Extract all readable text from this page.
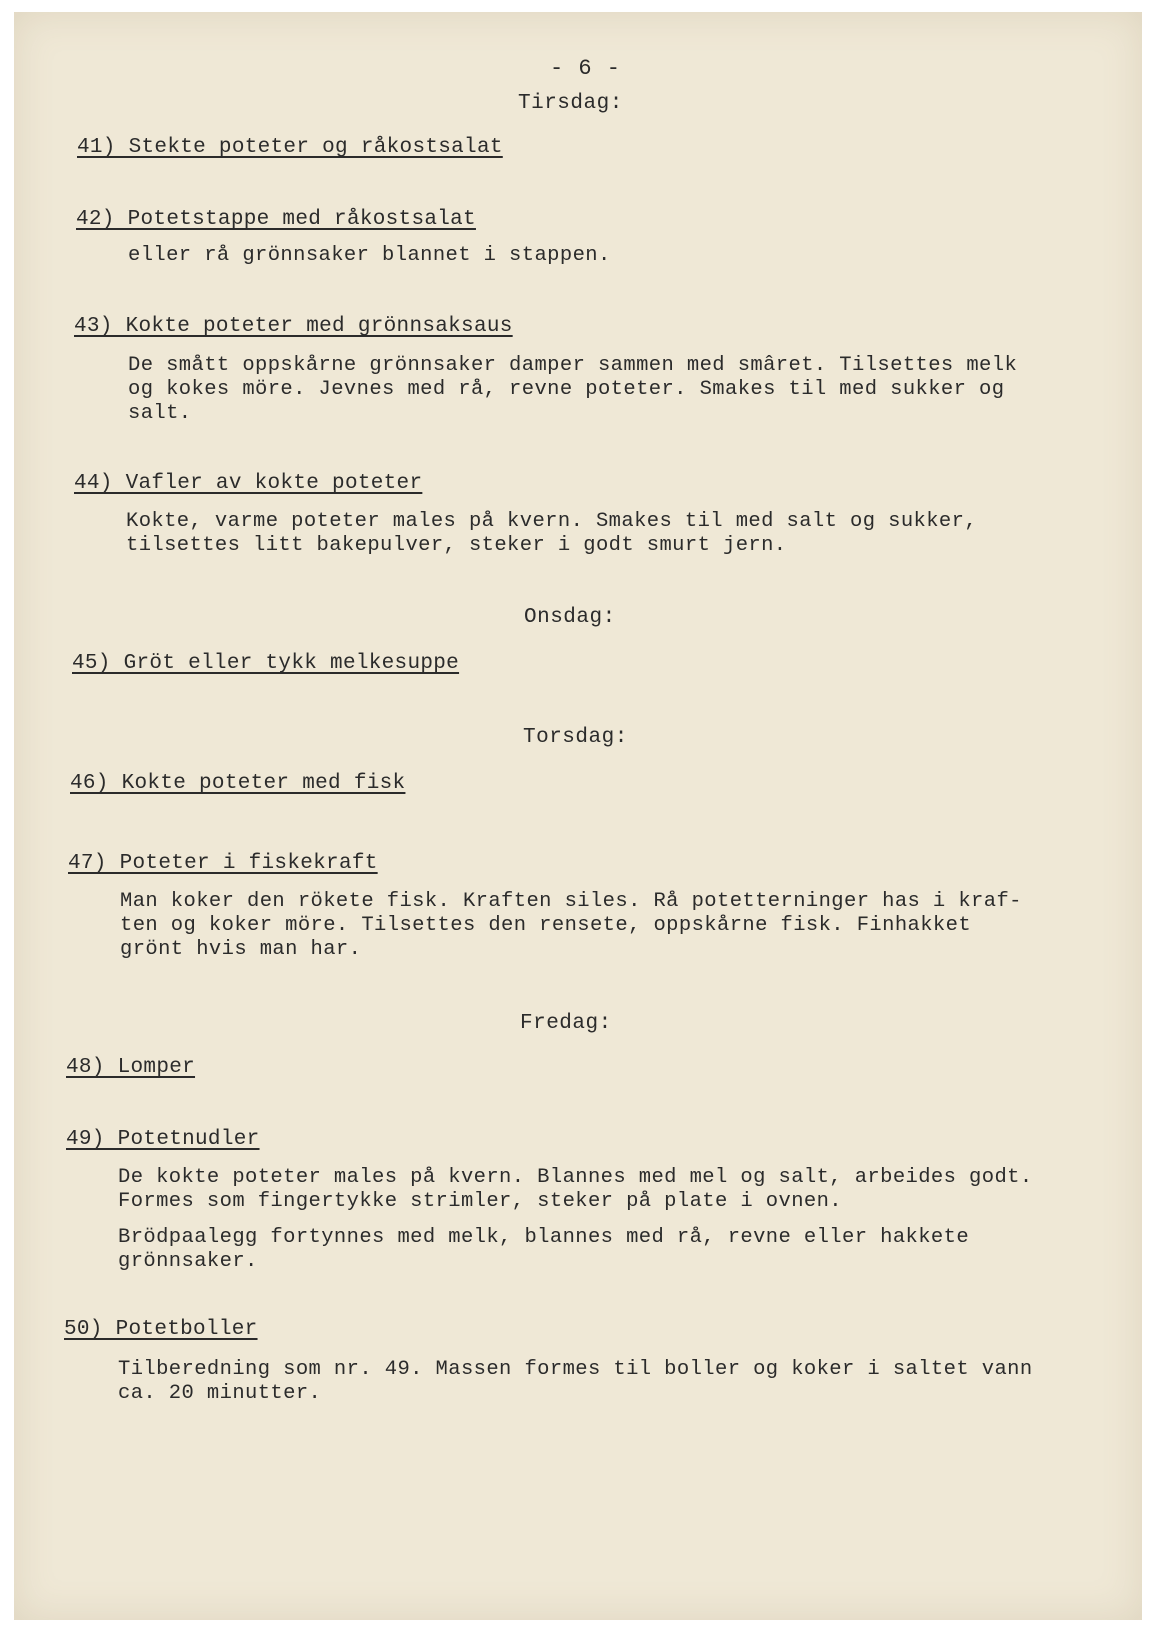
- 6 -
Tirsdag:
41) Stekte poteter og råkostsalat
42) Potetstappe med råkostsalat
eller rå grönnsaker blannet i stappen.
43) Kokte poteter med grönnsaksaus
De smått oppskårne grönnsaker damper sammen med smâret. Tilsettes melk
og kokes möre. Jevnes med rå, revne poteter. Smakes til med sukker og
salt.
44) Vafler av kokte poteter
Kokte, varme poteter males på kvern. Smakes til med salt og sukker,
tilsettes litt bakepulver, steker i godt smurt jern.
Onsdag:
45) Gröt eller tykk melkesuppe
Torsdag:
46) Kokte poteter med fisk
47) Poteter i fiskekraft
Man koker den rökete fisk. Kraften siles. Rå potetterninger has i kraf-
ten og koker möre. Tilsettes den rensete, oppskårne fisk. Finhakket
grönt hvis man har.
Fredag:
48) Lomper
49) Potetnudler
De kokte poteter males på kvern. Blannes med mel og salt, arbeides godt.
Formes som fingertykke strimler, steker på plate i ovnen.
Brödpaalegg fortynnes med melk, blannes med rå, revne eller hakkete
grönnsaker.
50) Potetboller
Tilberedning som nr. 49. Massen formes til boller og koker i saltet vann
ca. 20 minutter.
